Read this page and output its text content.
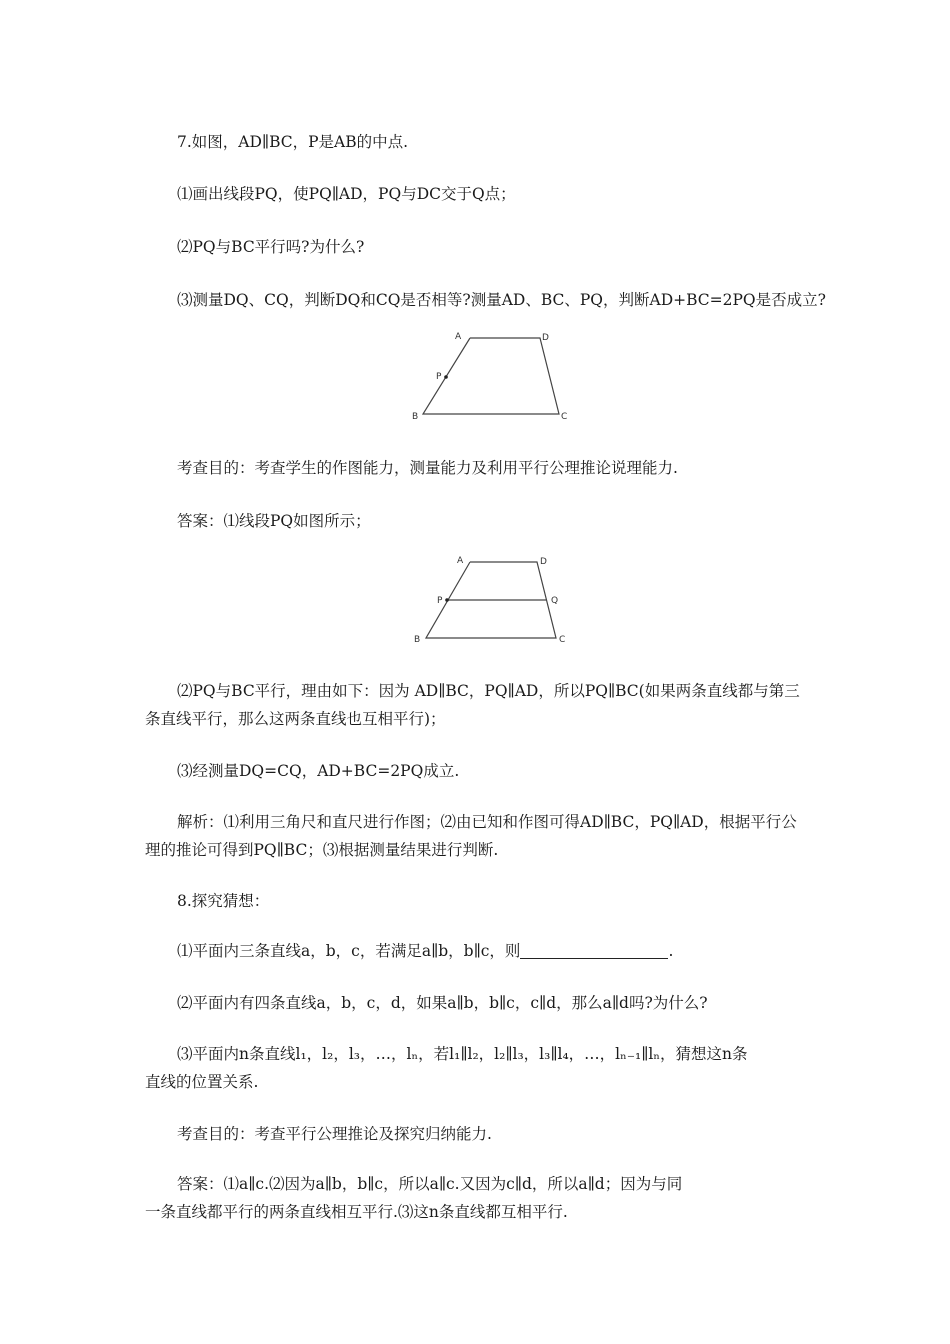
7.如图，AD∥BC，P是AB的中点.
⑴画出线段PQ，使PQ∥AD，PQ与DC交于Q点；
⑵PQ与BC平行吗?为什么?
⑶测量DQ、CQ，判断DQ和CQ是否相等?测量AD、BC、PQ，判断AD+BC=2PQ是否成立?
A	D
P
B	C
考查目的：考查学生的作图能力，测量能力及利用平行公理推论说理能力.
答案：⑴线段PQ如图所示；
A	D
P	Q
B	C
⑵PQ与BC平行，理由如下：因为 AD∥BC，PQ∥AD，所以PQ∥BC(如果两条直线都与第三
条直线平行，那么这两条直线也互相平行)；
⑶经测量DQ=CQ，AD+BC=2PQ成立.
解析：⑴利用三角尺和直尺进行作图；⑵由已知和作图可得AD∥BC，PQ∥AD，根据平行公
理的推论可得到PQ∥BC；⑶根据测量结果进行判断.
8.探究猜想：
⑴平面内三条直线a，b，c，若满足a∥b，b∥c，则	.
⑵平面内有四条直线a，b，c，d，如果a∥b，b∥c，c∥d，那么a∥d吗?为什么?
⑶平面内n条直线l₁，l₂，l₃，…，lₙ，若l₁∥l₂，l₂∥l₃，l₃∥l₄，…，lₙ₋₁∥lₙ，猜想这n条
直线的位置关系.
考查目的：考查平行公理推论及探究归纳能力.
答案：⑴a∥c.⑵因为a∥b，b∥c，所以a∥c.又因为c∥d，所以a∥d；因为与同
一条直线都平行的两条直线相互平行.⑶这n条直线都互相平行.
